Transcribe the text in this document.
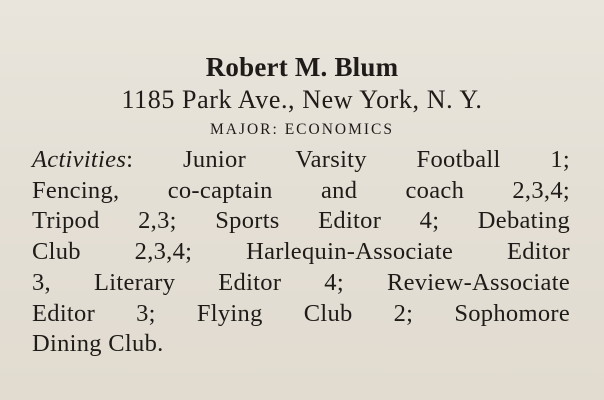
Robert M. Blum
1185 Park Ave., New York, N. Y.
MAJOR: ECONOMICS
Activities: Junior Varsity Football 1;
Fencing, co-captain and coach 2,3,4;
Tripod 2,3; Sports Editor 4; Debating
Club 2,3,4; Harlequin-Associate Editor
3, Literary Editor 4; Review-Associate
Editor 3; Flying Club 2; Sophomore
Dining Club.
